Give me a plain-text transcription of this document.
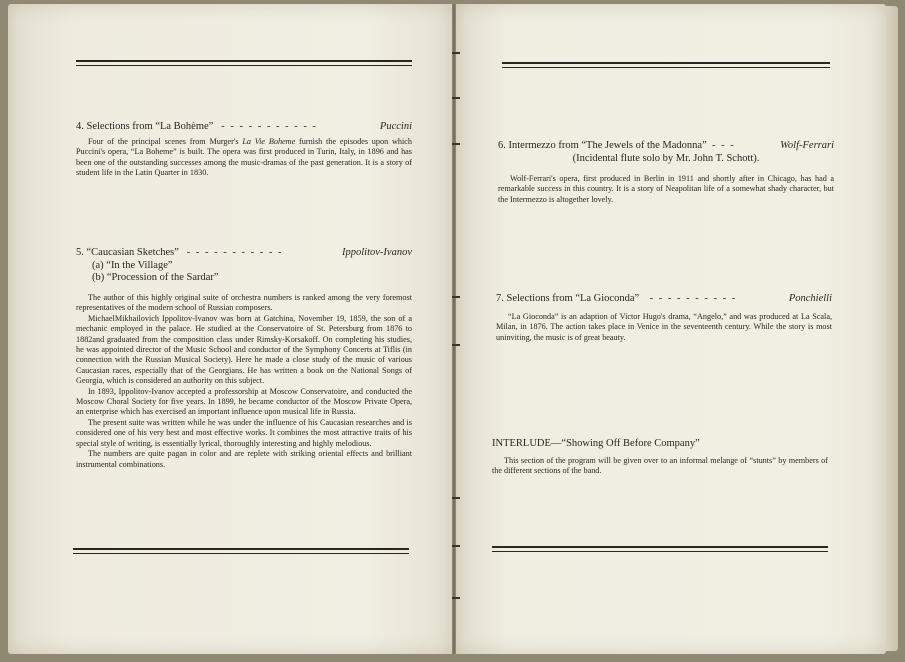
4. Selections from “La Bohème” - - - - - - - - - - -	Puccini

Four of the principal scenes from Murger's La Vie Boheme furnish the episodes upon which Puccini's opera, “La Boheme” is built. The opera was first produced in Turin, Italy, in 1896 and has been one of the outstanding successes among the music-dramas of the past generation. It is a story of student life in the Latin Quarter in 1830.

5. “Caucasian Sketches” - - - - - - - - - - -	Ippolitov-Ivanov
(a) “In the Village”
(b) “Procession of the Sardar”

The author of this highly original suite of orchestra numbers is ranked among the very foremost representatives of the modern school of Russian composers.

MichaelMikhailovich Ippolitov-Ivanov was born at Gatchina, November 19, 1859, the son of a mechanic employed in the palace. He studied at the Conservatoire of St. Petersburg from 1876 to 1882and graduated from the composition class under Rimsky-Korsakoff. On completing his studies, he was appointed director of the Music School and conductor of the Symphony Concerts at Tiflis (in connection with the Russian Musical Society). Here he made a close study of the music of various Caucasian races, especially that of the Georgians. He has written a book on the National Songs of Georgia, which is considered an authority on this subject.

In 1893, Ippolitov-Ivanov accepted a professorship at Moscow Conservatoire, and conducted the Moscow Choral Society for five years. In 1899, he became conductor of the Moscow Private Opera, an enterprise which has exercised an important influence upon musical life in Russia.

The present suite was written while he was under the influence of his Caucasian researches and is considered one of his very best and most effective works. It combines the most attractive traits of his special style of writing, is essentially lyrical, thoroughly interesting and highly melodious.

The numbers are quite pagan in color and are replete with striking oriental effects and brilliant instrumental combinations.

6. Intermezzo from “The Jewels of the Madonna” - - -	Wolf-Ferrari
(Incidental flute solo by Mr. John T. Schott).

Wolf-Ferrari's opera, first produced in Berlin in 1911 and shortly after in Chicago, has had a remarkable success in this country. It is a story of Neapolitan life of a somewhat shady character, but the Intermezzo is altogether lovely.

7. Selections from “La Gioconda” - - - - - - - - - -	Ponchielli

“La Gioconda” is an adaption of Victor Hugo's drama, “Angelo,” and was produced at La Scala, Milan, in 1876. The action takes place in Venice in the seventeenth century. While the story is most uninviting, the music is of great beauty.

INTERLUDE—“Showing Off Before Company”

This section of the program will be given over to an informal melange of “stunts” by members of the different sections of the band.
